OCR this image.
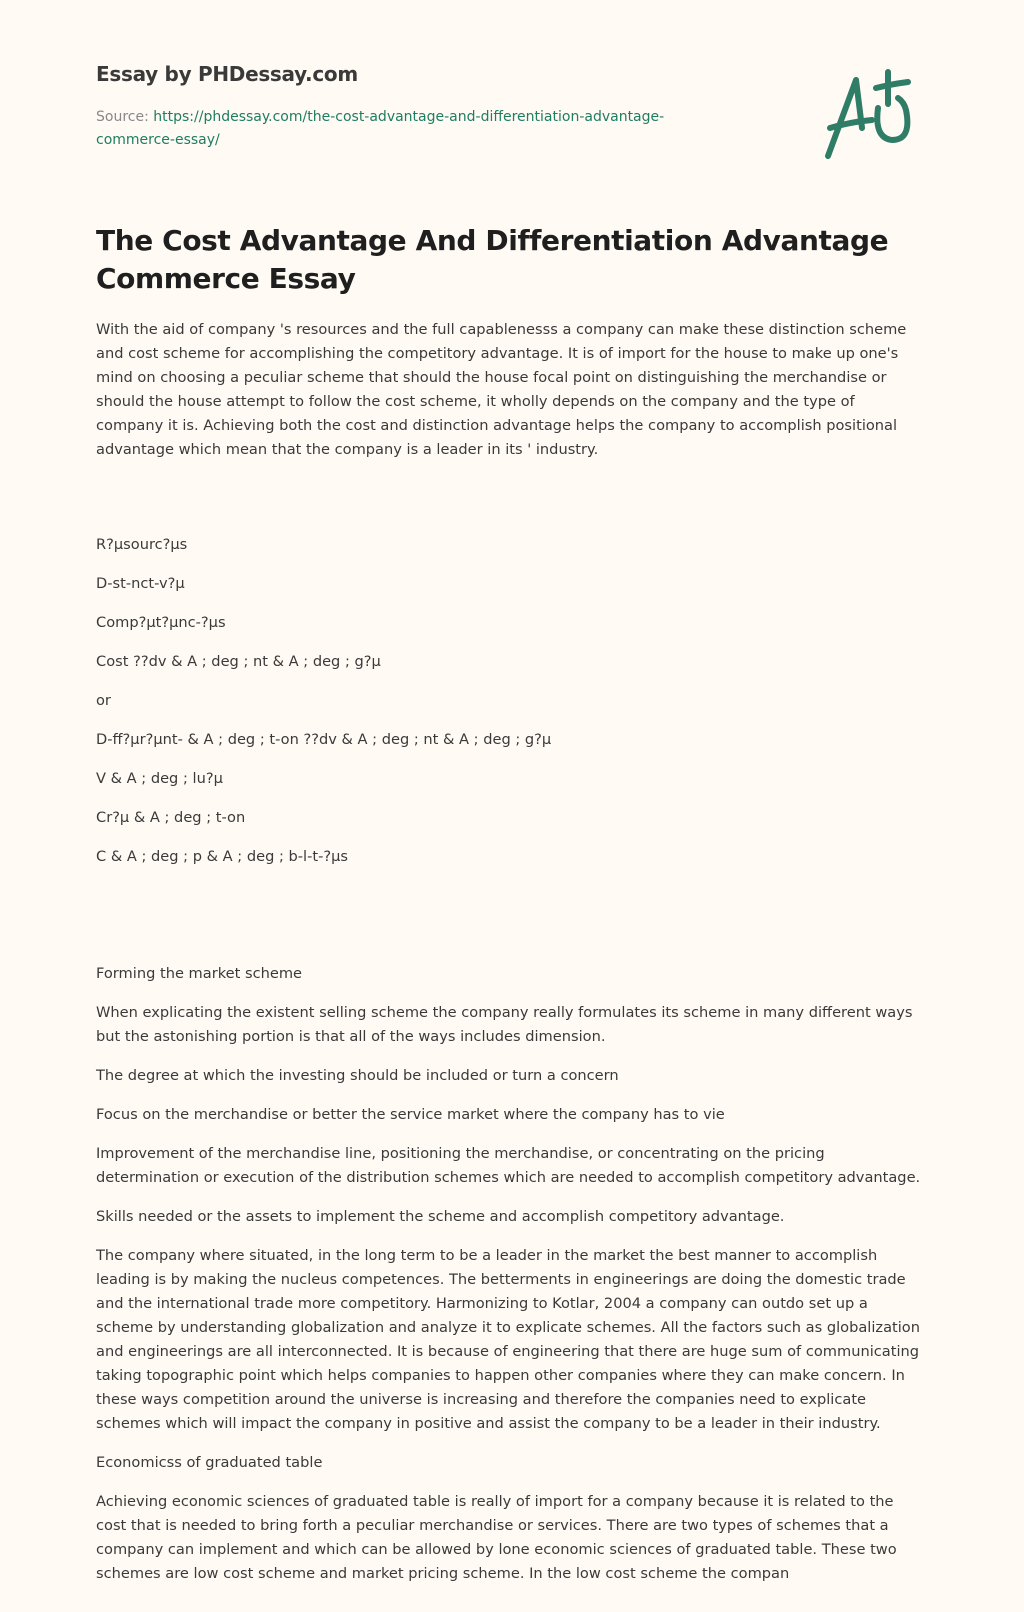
Essay by PHDessay.com
Source: https://phdessay.com/the-cost-advantage-and-differentiation-advantage-commerce-essay/
The Cost Advantage And Differentiation Advantage Commerce Essay

With the aid of company 's resources and the full capablenesss a company can make these distinction scheme and cost scheme for accomplishing the competitory advantage. It is of import for the house to make up one's mind on choosing a peculiar scheme that should the house focal point on distinguishing the merchandise or should the house attempt to follow the cost scheme, it wholly depends on the company and the type of company it is. Achieving both the cost and distinction advantage helps the company to accomplish positional advantage which mean that the company is a leader in its ' industry.

R?µsourc?µs

D-st-nct-v?µ

Comp?µt?µnc-?µs

Cost ??dv & A ; deg ; nt & A ; deg ; g?µ

or

D-ff?µr?µnt- & A ; deg ; t-on ??dv & A ; deg ; nt & A ; deg ; g?µ

V & A ; deg ; lu?µ

Cr?µ & A ; deg ; t-on

C & A ; deg ; p & A ; deg ; b-l-t-?µs

Forming the market scheme

When explicating the existent selling scheme the company really formulates its scheme in many different ways but the astonishing portion is that all of the ways includes dimension.

The degree at which the investing should be included or turn a concern

Focus on the merchandise or better the service market where the company has to vie

Improvement of the merchandise line, positioning the merchandise, or concentrating on the pricing determination or execution of the distribution schemes which are needed to accomplish competitory advantage.

Skills needed or the assets to implement the scheme and accomplish competitory advantage.

The company where situated, in the long term to be a leader in the market the best manner to accomplish leading is by making the nucleus competences. The betterments in engineerings are doing the domestic trade and the international trade more competitory. Harmonizing to Kotlar, 2004 a company can outdo set up a scheme by understanding globalization and analyze it to explicate schemes. All the factors such as globalization and engineerings are all interconnected. It is because of engineering that there are huge sum of communicating taking topographic point which helps companies to happen other companies where they can make concern. In these ways competition around the universe is increasing and therefore the companies need to explicate schemes which will impact the company in positive and assist the company to be a leader in their industry.

Economicss of graduated table

Achieving economic sciences of graduated table is really of import for a company because it is related to the cost that is needed to bring forth a peculiar merchandise or services. There are two types of schemes that a company can implement and which can be allowed by lone economic sciences of graduated table. These two schemes are low cost scheme and market pricing scheme. In the low cost scheme the compan
